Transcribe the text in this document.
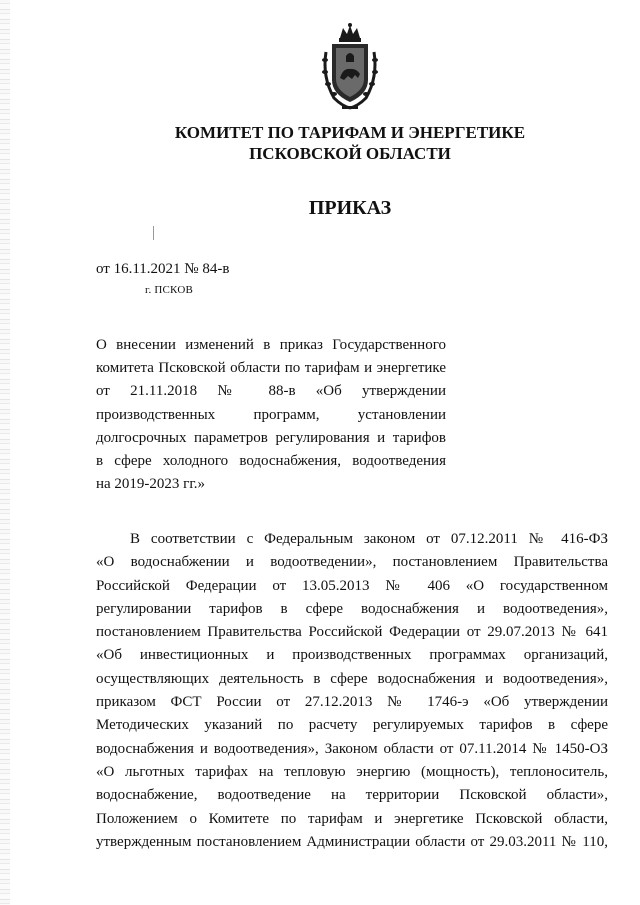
КОМИТЕТ ПО ТАРИФАМ И ЭНЕРГЕТИКЕ
ПСКОВСКОЙ ОБЛАСТИ
ПРИКАЗ
от 16.11.2021 № 84-в
г. ПСКОВ
О внесении изменений в приказ Государственного
комитета Псковской области по тарифам и энергетике
от 21.11.2018 № 88-в «Об утверждении
производственных программ, установлении
долгосрочных параметров регулирования и тарифов
в сфере холодного водоснабжения, водоотведения
на 2019-2023 гг.»
В соответствии с Федеральным законом от 07.12.2011 № 416-ФЗ
«О водоснабжении и водоотведении», постановлением Правительства
Российской Федерации от 13.05.2013 № 406 «О государственном
регулировании тарифов в сфере водоснабжения и водоотведения»,
постановлением Правительства Российской Федерации от 29.07.2013 № 641
«Об инвестиционных и производственных программах организаций,
осуществляющих деятельность в сфере водоснабжения и водоотведения»,
приказом ФСТ России от 27.12.2013 № 1746-э «Об утверждении
Методических указаний по расчету регулируемых тарифов в сфере
водоснабжения и водоотведения», Законом области от 07.11.2014 № 1450-ОЗ
«О льготных тарифах на тепловую энергию (мощность), теплоноситель,
водоснабжение, водоотведение на территории Псковской области»,
Положением о Комитете по тарифам и энергетике Псковской области,
утвержденным постановлением Администрации области от 29.03.2011 № 110,
